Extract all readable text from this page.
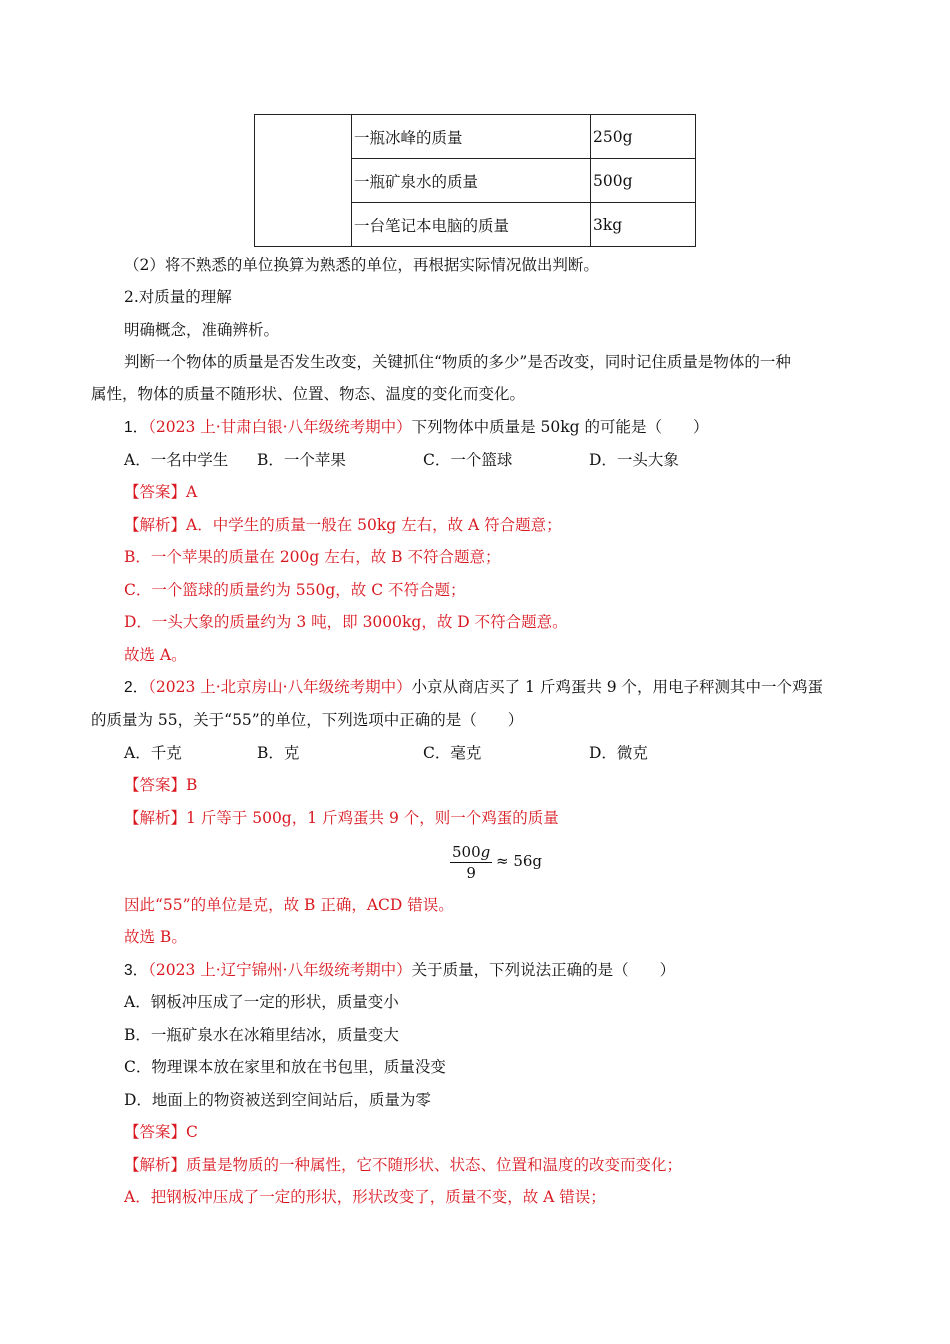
	一瓶冰峰的质量	250g
	一瓶矿泉水的质量	500g
	一台笔记本电脑的质量	3kg
（2）将不熟悉的单位换算为熟悉的单位，再根据实际情况做出判断。
2.对质量的理解
明确概念，准确辨析。
判断一个物体的质量是否发生改变，关键抓住“物质的多少”是否改变，同时记住质量是物体的一种
属性，物体的质量不随形状、位置、物态、温度的变化而变化。
1．（2023 上·甘肃白银·八年级统考期中）下列物体中质量是 50kg 的可能是（　　）
A．一名中学生 B．一个苹果	C．一个篮球	D．一头大象
【答案】A
【解析】A．中学生的质量一般在 50kg 左右，故 A 符合题意；
B．一个苹果的质量在 200g 左右，故 B 不符合题意；
C．一个篮球的质量约为 550g，故 C 不符合题；
D．一头大象的质量约为 3 吨，即 3000kg，故 D 不符合题意。
故选 A。
2．（2023 上·北京房山·八年级统考期中）小京从商店买了 1 斤鸡蛋共 9 个，用电子秤测其中一个鸡蛋
的质量为 55，关于“55”的单位，下列选项中正确的是（　　）
A．千克	B．克	C．毫克	D．微克
【答案】B
【解析】1 斤等于 500g，1 斤鸡蛋共 9 个，则一个鸡蛋的质量
$\frac{500g}{9} \approx 56g$
因此“55”的单位是克，故 B 正确，ACD 错误。
故选 B。
3．（2023 上·辽宁锦州·八年级统考期中）关于质量，下列说法正确的是（　　）
A．钢板冲压成了一定的形状，质量变小
B．一瓶矿泉水在冰箱里结冰，质量变大
C．物理课本放在家里和放在书包里，质量没变
D．地面上的物资被送到空间站后，质量为零
【答案】C
【解析】质量是物质的一种属性，它不随形状、状态、位置和温度的改变而变化；
A．把钢板冲压成了一定的形状，形状改变了，质量不变，故 A 错误；
